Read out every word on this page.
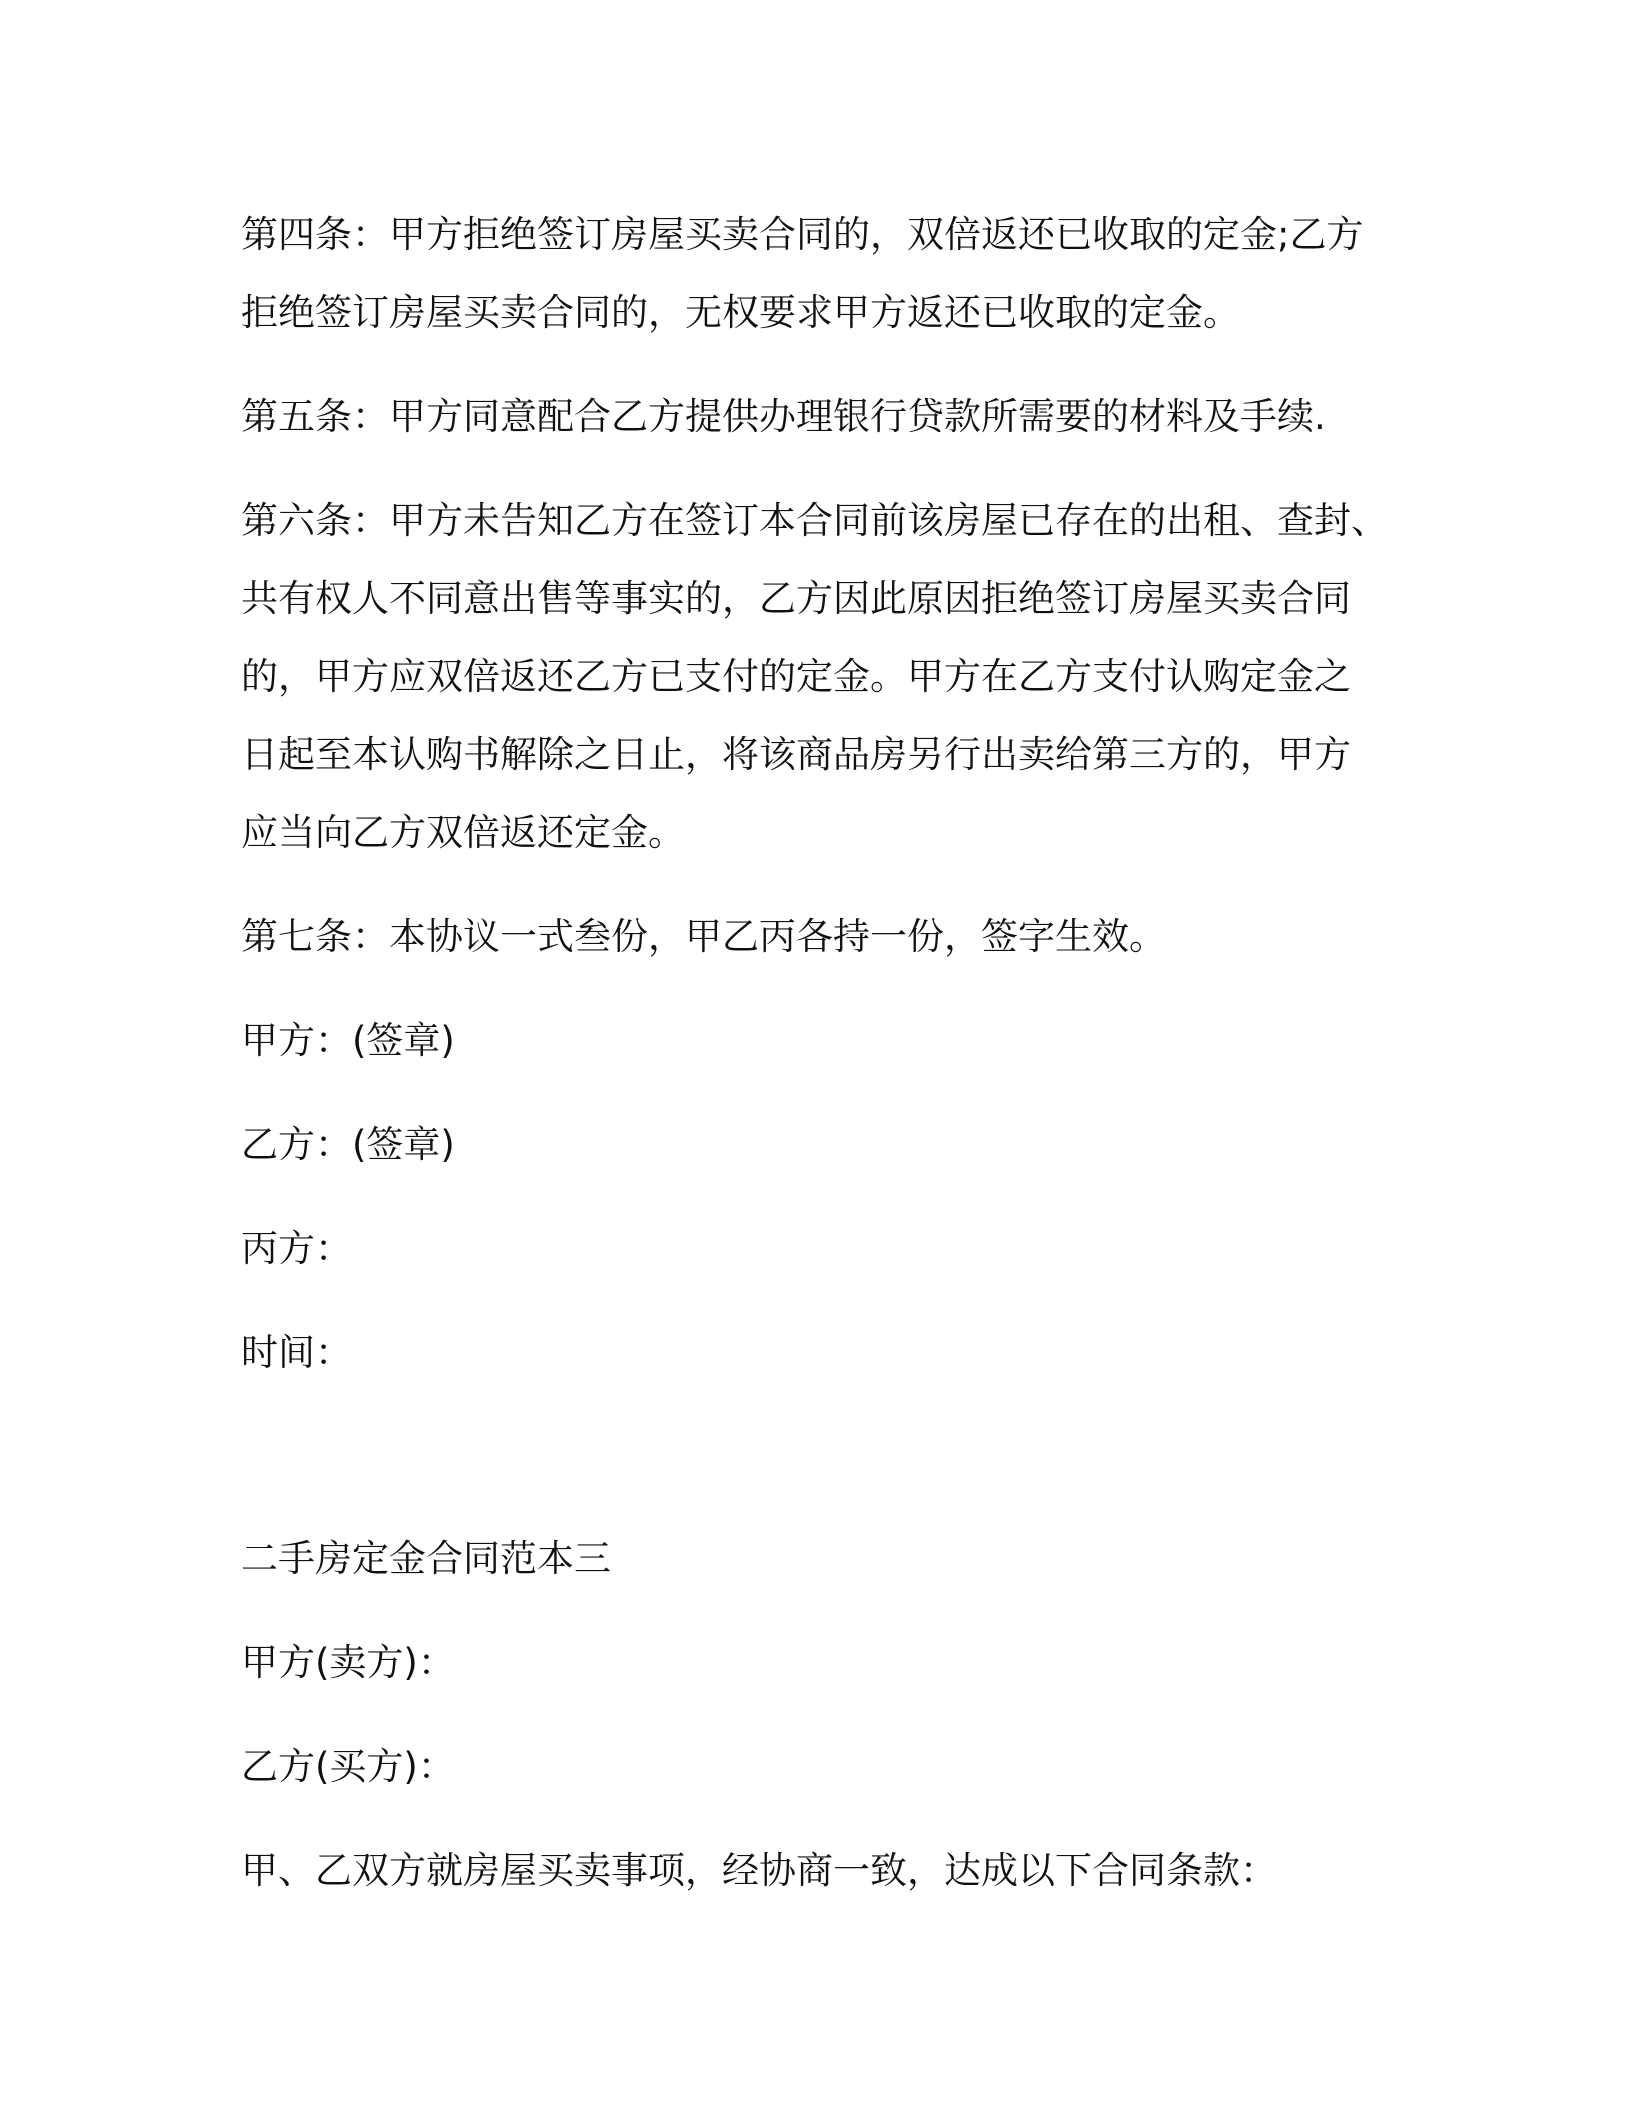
第四条：甲方拒绝签订房屋买卖合同的，双倍返还已收取的定金;乙方
拒绝签订房屋买卖合同的，无权要求甲方返还已收取的定金。
第五条：甲方同意配合乙方提供办理银行贷款所需要的材料及手续.
第六条：甲方未告知乙方在签订本合同前该房屋已存在的出租、查封、
共有权人不同意出售等事实的，乙方因此原因拒绝签订房屋买卖合同
的，甲方应双倍返还乙方已支付的定金。甲方在乙方支付认购定金之
日起至本认购书解除之日止，将该商品房另行出卖给第三方的，甲方
应当向乙方双倍返还定金。
第七条：本协议一式叁份，甲乙丙各持一份，签字生效。
甲方：(签章)
乙方：(签章)
丙方：
时间：
二手房定金合同范本三
甲方(卖方)：
乙方(买方)：
甲、乙双方就房屋买卖事项，经协商一致，达成以下合同条款：
